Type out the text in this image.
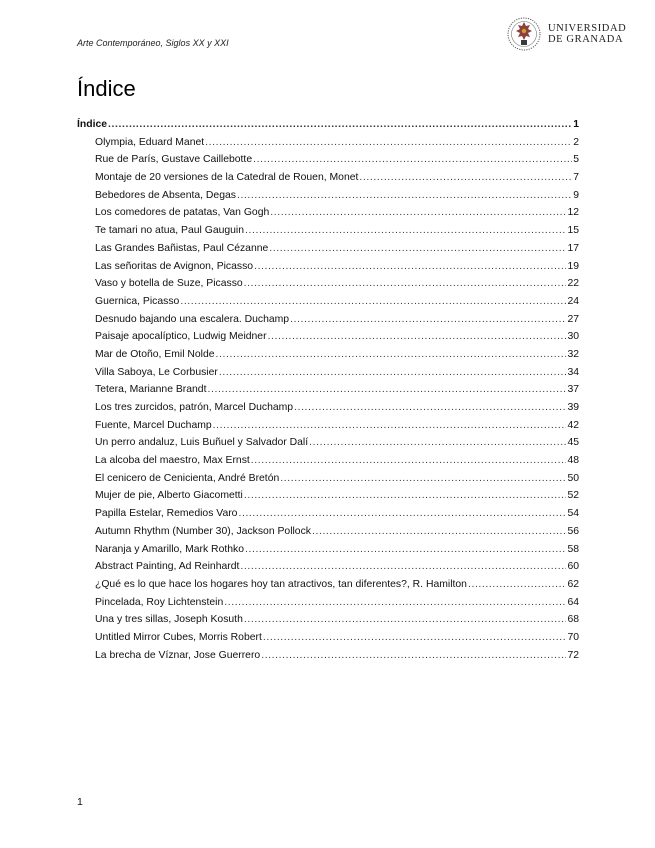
Arte Contemporáneo, Siglos XX y XXI
UNIVERSIDAD
DE GRANADA
Índice
Índice .....	1
Olympia, Eduard Manet .....	2
Rue de París, Gustave Caillebotte .....	5
Montaje de 20 versiones de la Catedral de Rouen, Monet .....	7
Bebedores de Absenta, Degas .....	9
Los comedores de patatas, Van Gogh .....	12
Te tamari no atua, Paul Gauguin .....	15
Las Grandes Bañistas, Paul Cézanne .....	17
Las señoritas de Avignon, Picasso .....	19
Vaso y botella de Suze, Picasso .....	22
Guernica, Picasso .....	24
Desnudo bajando una escalera. Duchamp .....	27
Paisaje apocalíptico, Ludwig Meidner .....	30
Mar de Otoño, Emil Nolde .....	32
Villa Saboya, Le Corbusier .....	34
Tetera, Marianne Brandt .....	37
Los tres zurcidos, patrón, Marcel Duchamp .....	39
Fuente, Marcel Duchamp .....	42
Un perro andaluz, Luis Buñuel y Salvador Dalí .....	45
La alcoba del maestro, Max Ernst .....	48
El cenicero de Cenicienta, André Bretón .....	50
Mujer de pie, Alberto Giacometti .....	52
Papilla Estelar, Remedios Varo .....	54
Autumn Rhythm (Number 30), Jackson Pollock .....	56
Naranja y Amarillo, Mark Rothko .....	58
Abstract Painting, Ad Reinhardt .....	60
¿Qué es lo que hace los hogares hoy tan atractivos, tan diferentes?, R. Hamilton .....	62
Pincelada, Roy Lichtenstein .....	64
Una y tres sillas, Joseph Kosuth .....	68
Untitled Mirror Cubes, Morris Robert .....	70
La brecha de Víznar, Jose Guerrero .....	72
1
